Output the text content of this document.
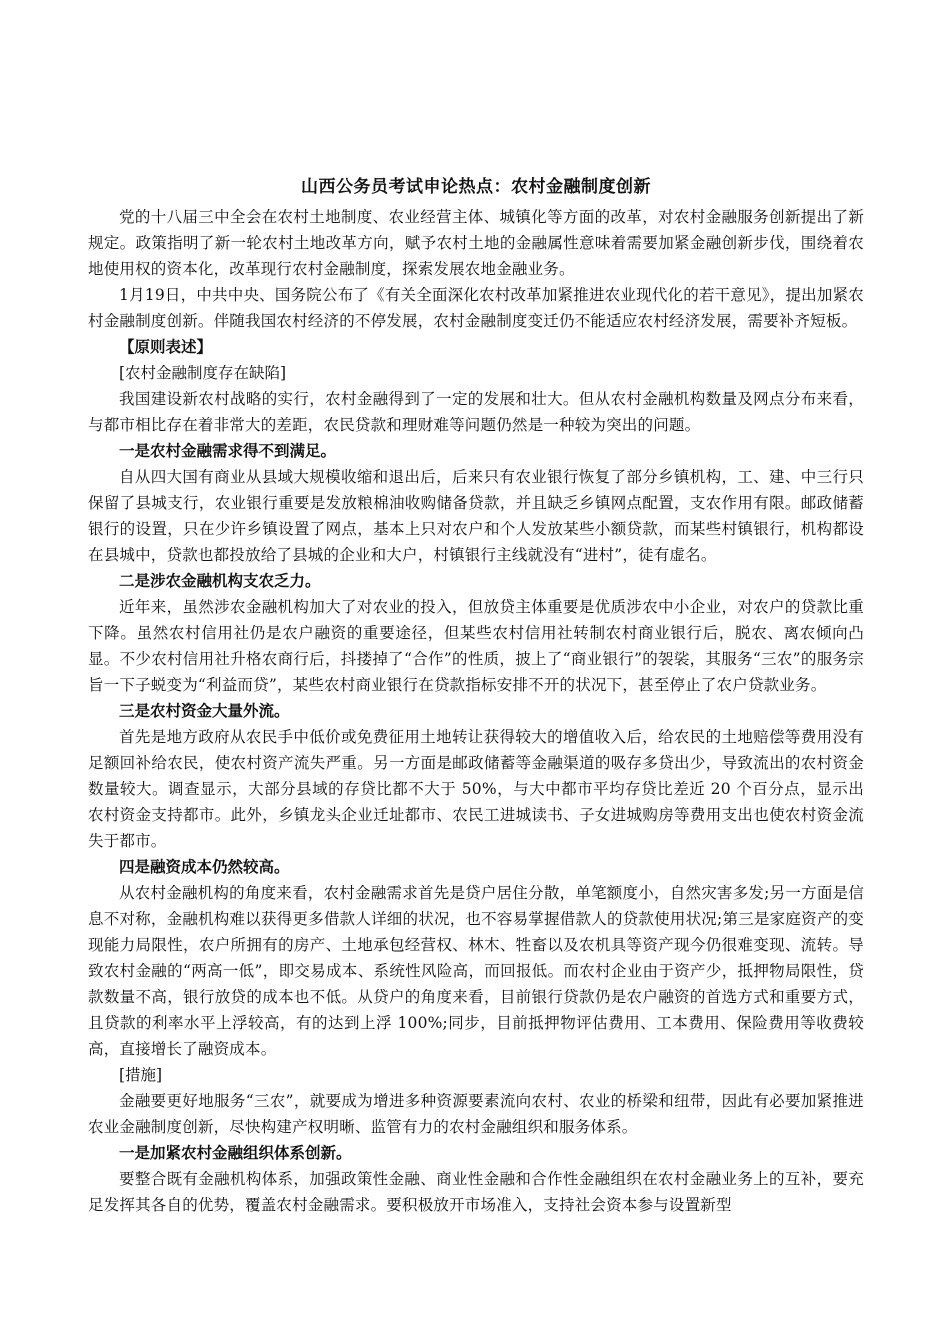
山西公务员考试申论热点：农村金融制度创新

党的十八届三中全会在农村土地制度、农业经营主体、城镇化等方面的改革，对农村金融服务创新提出了新规定。政策指明了新一轮农村土地改革方向，赋予农村土地的金融属性意味着需要加紧金融创新步伐，围绕着农地使用权的资本化，改革现行农村金融制度，探索发展农地金融业务。

1月19日，中共中央、国务院公布了《有关全面深化农村改革加紧推进农业现代化的若干意见》，提出加紧农村金融制度创新。伴随我国农村经济的不停发展，农村金融制度变迁仍不能适应农村经济发展，需要补齐短板。

【原则表述】

[农村金融制度存在缺陷]

我国建设新农村战略的实行，农村金融得到了一定的发展和壮大。但从农村金融机构数量及网点分布来看，与都市相比存在着非常大的差距，农民贷款和理财难等问题仍然是一种较为突出的问题。

一是农村金融需求得不到满足。

自从四大国有商业从县域大规模收缩和退出后，后来只有农业银行恢复了部分乡镇机构，工、建、中三行只保留了县城支行，农业银行重要是发放粮棉油收购储备贷款，并且缺乏乡镇网点配置，支农作用有限。邮政储蓄银行的设置，只在少许乡镇设置了网点，基本上只对农户和个人发放某些小额贷款，而某些村镇银行，机构都设在县城中，贷款也都投放给了县城的企业和大户，村镇银行主线就没有“进村”，徒有虚名。

二是涉农金融机构支农乏力。

近年来，虽然涉农金融机构加大了对农业的投入，但放贷主体重要是优质涉农中小企业，对农户的贷款比重下降。虽然农村信用社仍是农户融资的重要途径，但某些农村信用社转制农村商业银行后，脱农、离农倾向凸显。不少农村信用社升格农商行后，抖搂掉了“合作”的性质，披上了“商业银行”的袈裟，其服务“三农”的服务宗旨一下子蜕变为“利益而贷”，某些农村商业银行在贷款指标安排不开的状况下，甚至停止了农户贷款业务。

三是农村资金大量外流。

首先是地方政府从农民手中低价或免费征用土地转让获得较大的增值收入后，给农民的土地赔偿等费用没有足额回补给农民，使农村资产流失严重。另一方面是邮政储蓄等金融渠道的吸存多贷出少，导致流出的农村资金数量较大。调查显示，大部分县域的存贷比都不大于 50%，与大中都市平均存贷比差近 20 个百分点，显示出农村资金支持都市。此外，乡镇龙头企业迁址都市、农民工进城读书、子女进城购房等费用支出也使农村资金流失于都市。

四是融资成本仍然较高。

从农村金融机构的角度来看，农村金融需求首先是贷户居住分散，单笔额度小，自然灾害多发;另一方面是信息不对称，金融机构难以获得更多借款人详细的状况，也不容易掌握借款人的贷款使用状况;第三是家庭资产的变现能力局限性，农户所拥有的房产、土地承包经营权、林木、牲畜以及农机具等资产现今仍很难变现、流转。导致农村金融的“两高一低”，即交易成本、系统性风险高，而回报低。而农村企业由于资产少，抵押物局限性，贷款数量不高，银行放贷的成本也不低。从贷户的角度来看，目前银行贷款仍是农户融资的首选方式和重要方式，且贷款的利率水平上浮较高，有的达到上浮 100%;同步，目前抵押物评估费用、工本费用、保险费用等收费较高，直接增长了融资成本。

[措施]

金融要更好地服务“三农”，就要成为增进多种资源要素流向农村、农业的桥梁和纽带，因此有必要加紧推进农业金融制度创新，尽快构建产权明晰、监管有力的农村金融组织和服务体系。

一是加紧农村金融组织体系创新。

要整合既有金融机构体系，加强政策性金融、商业性金融和合作性金融组织在农村金融业务上的互补，要充足发挥其各自的优势，覆盖农村金融需求。要积极放开市场准入，支持社会资本参与设置新型
